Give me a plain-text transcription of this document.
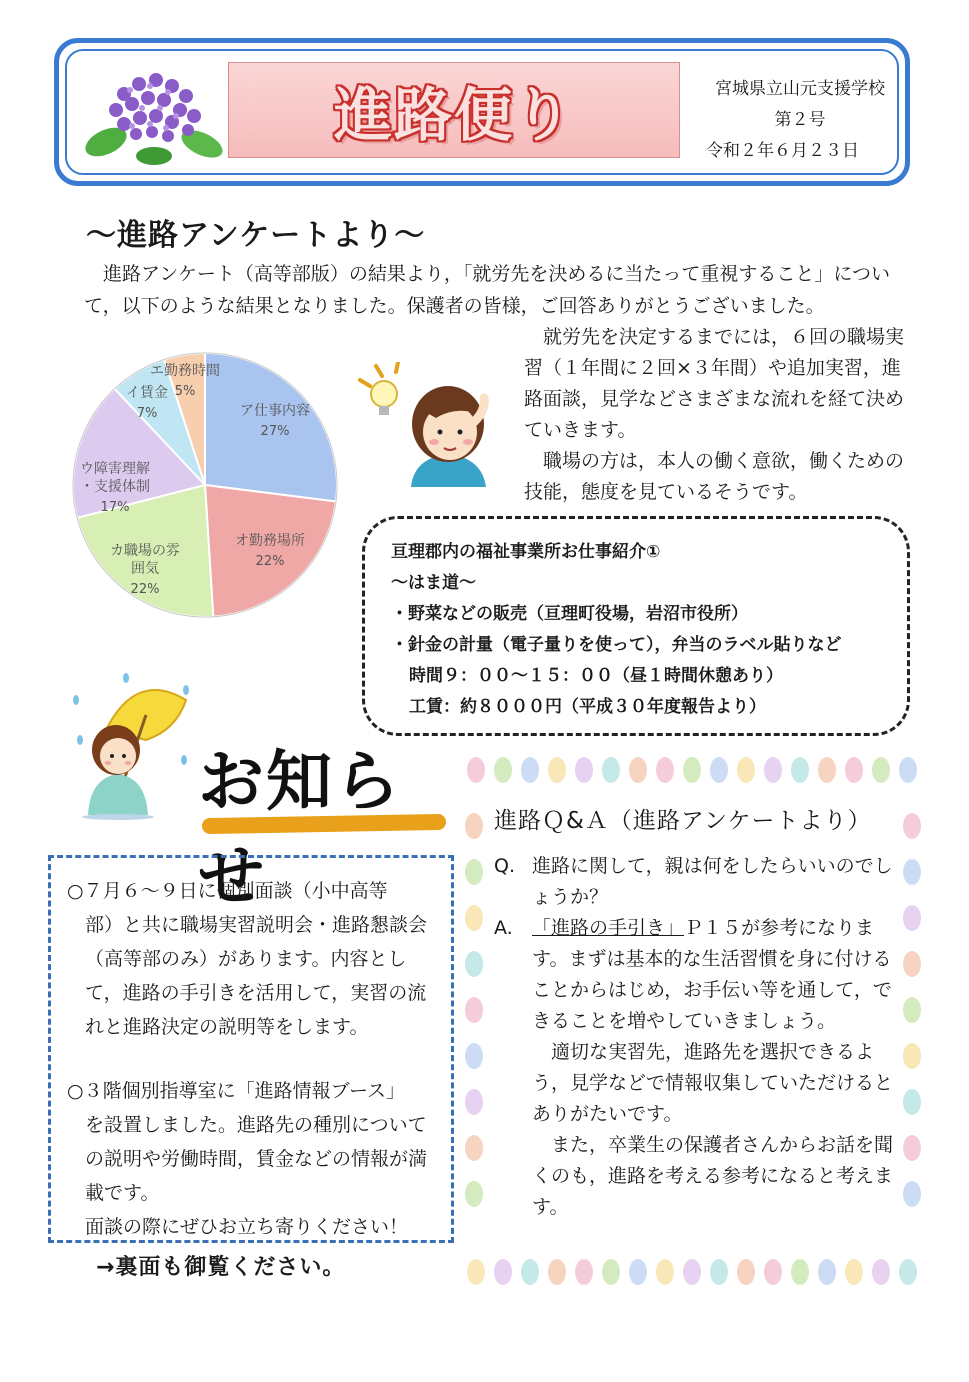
進路便り	宮城県立山元支援学校
第２号
令和２年６月２３日
～進路アンケートより～

進路アンケート（高等部版）の結果より，「就労先を決めるに当たって重視すること」について，以下のような結果となりました。保護者の皆様，ご回答ありがとうございました。

ア仕事内容
27%
オ勤務場所
22%
カ職場の雰囲気
22%
ウ障害理解・支援体制
17%
イ賃金
7%
エ勤務時間
5%

就労先を決定するまでには，６回の職場実習（１年間に２回×３年間）や追加実習，進路面談，見学などさまざまな流れを経て決めていきます。

職場の方は，本人の働く意欲，働くための技能，態度を見ているそうです。

亘理郡内の福祉事業所お仕事紹介①
～はま道～
・野菜などの販売（亘理町役場，岩沼市役所）
・針金の計量（電子量りを使って），弁当のラベル貼りなど
時間９：００～１５：００（昼１時間休憩あり）
工賃：約８０００円（平成３０年度報告より）
お知らせ
○７月６～９日に個別面談（小中高等
部）と共に職場実習説明会・進路懇談会（高等部のみ）があります。内容として，進路の手引きを活用して，実習の流れと進路決定の説明等をします。
○３階個別指導室に「進路情報ブース」
を設置しました。進路先の種別についての説明や労働時間，賃金などの情報が満載です。
面談の際にぜひお立ち寄りください！
→裏面も御覧ください。
進路Ｑ&Ａ（進路アンケートより）
Q. 進路に関して，親は何をしたらいいのでしょうか？
A.	「進路の手引き」Ｐ１５が参考になります。まずは基本的な生活習慣を身に付けることからはじめ，お手伝い等を通して，できることを増やしていきましょう。

適切な実習先，進路先を選択できるよう，見学などで情報収集していただけるとありがたいです。

また，卒業生の保護者さんからお話を聞くのも，進路を考える参考になると考えます。
